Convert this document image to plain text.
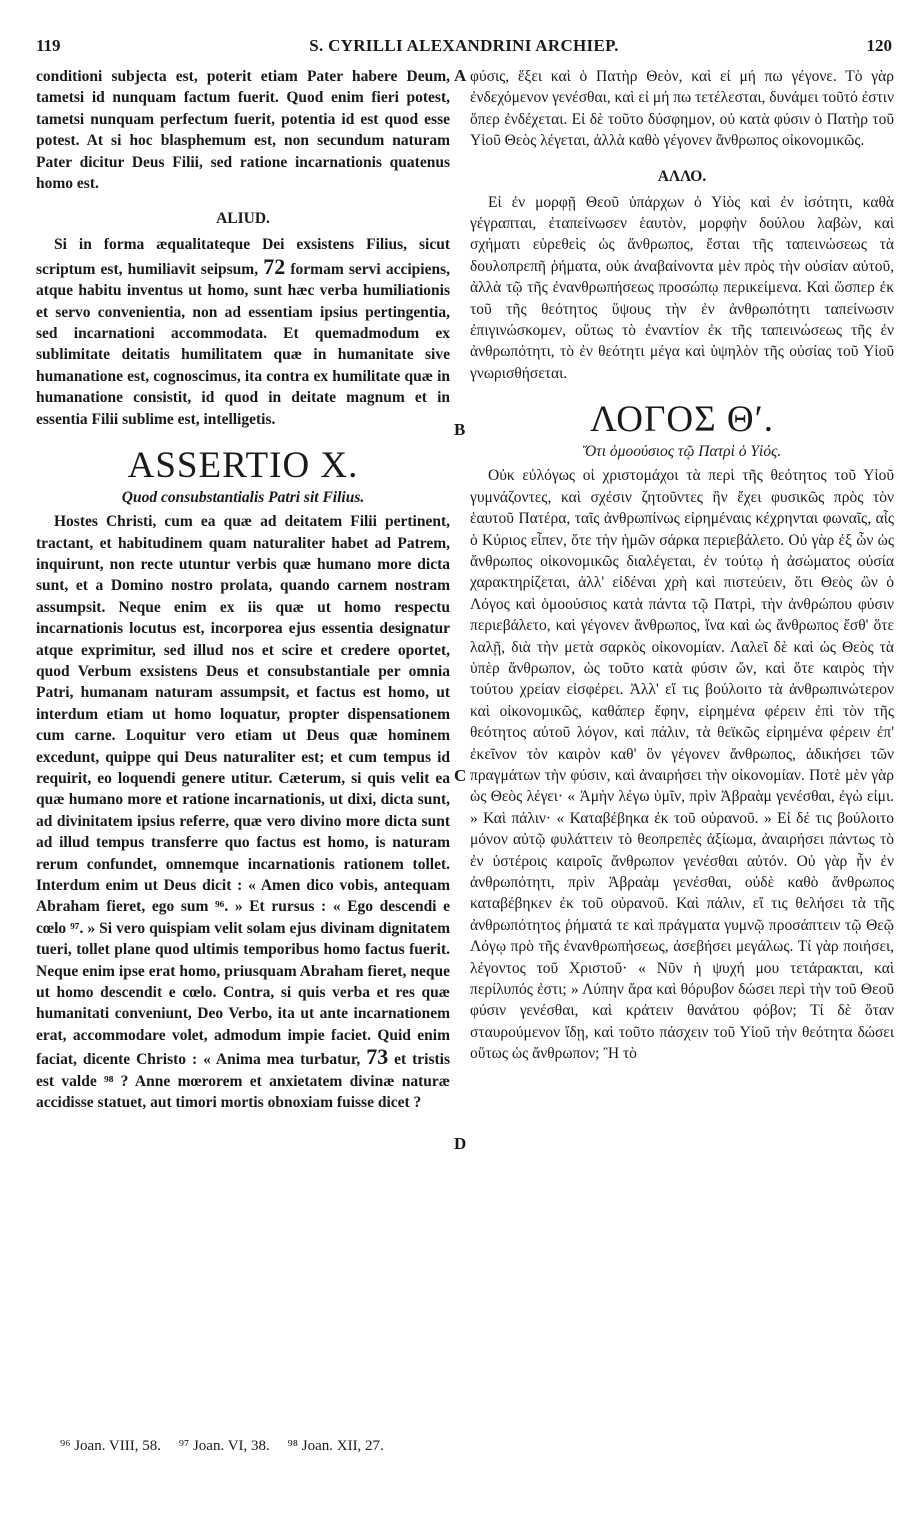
119	S. CYRILLI ALEXANDRINI ARCHIEP.	120
A
B
C
D

conditioni subjecta est, poterit etiam Pater habere Deum, tametsi id nunquam factum fuerit. Quod enim fieri potest, tametsi nunquam perfectum fuerit, potentia id est quod esse potest. At si hoc blasphemum est, non secundum naturam Pater dicitur Deus Filii, sed ratione incarnationis quatenus homo est.

ALIUD.

Si in forma æqualitateque Dei exsistens Filius, sicut scriptum est, humiliavit seipsum, 72 formam servi accipiens, atque habitu inventus ut homo, sunt hæc verba humiliationis et servo convenientia, non ad essentiam ipsius pertingentia, sed incarnationi accommodata. Et quemadmodum ex sublimitate deitatis humilitatem quæ in humanitate sive humanatione est, cognoscimus, ita contra ex humilitate quæ in humanatione consistit, id quod in deitate magnum et in essentia Filii sublime est, intelligetis.

ASSERTIO X.
Quod consubstantialis Patri sit Filius.

Hostes Christi, cum ea quæ ad deitatem Filii pertinent, tractant, et habitudinem quam naturaliter habet ad Patrem, inquirunt, non recte utuntur verbis quæ humano more dicta sunt, et a Domino nostro prolata, quando carnem nostram assumpsit. Neque enim ex iis quæ ut homo respectu incarnationis locutus est, incorporea ejus essentia designatur atque exprimitur, sed illud nos et scire et credere oportet, quod Verbum exsistens Deus et consubstantiale per omnia Patri, humanam naturam assumpsit, et factus est homo, ut interdum etiam ut homo loquatur, propter dispensationem cum carne. Loquitur vero etiam ut Deus quæ hominem excedunt, quippe qui Deus naturaliter est; et cum tempus id requirit, eo loquendi genere utitur. Cæterum, si quis velit ea quæ humano more et ratione incarnationis, ut dixi, dicta sunt, ad divinitatem ipsius referre, quæ vero divino more dicta sunt ad illud tempus transferre quo factus est homo, is naturam rerum confundet, omnemque incarnationis rationem tollet. Interdum enim ut Deus dicit : « Amen dico vobis, antequam Abraham fieret, ego sum ⁹⁶. » Et rursus : « Ego descendi e cœlo ⁹⁷. » Si vero quispiam velit solam ejus divinam dignitatem tueri, tollet plane quod ultimis temporibus homo factus fuerit. Neque enim ipse erat homo, priusquam Abraham fieret, neque ut homo descendit e cœlo. Contra, si quis verba et res quæ humanitati conveniunt, Deo Verbo, ita ut ante incarnationem erat, accommodare volet, admodum impie faciet. Quid enim faciat, dicente Christo : « Anima mea turbatur, 73 et tristis est valde ⁹⁸ ? Anne mœrorem et anxietatem divinæ naturæ accidisse statuet, aut timori mortis obnoxiam fuisse dicet ?

φύσις, ἕξει καὶ ὁ Πατὴρ Θεὸν, καὶ εἰ μή πω γέγονε. Τὸ γὰρ ἐνδεχόμενον γενέσθαι, καὶ εἰ μή πω τετέλεσται, δυνάμει τοῦτό ἐστιν ὅπερ ἐνδέχεται. Εἰ δὲ τοῦτο δύσφημον, οὐ κατὰ φύσιν ὁ Πατὴρ τοῦ Υἱοῦ Θεὸς λέγεται, ἀλλὰ καθὸ γέγονεν ἄνθρωπος οἰκονομικῶς.

ΑΛΛΟ.

Εἰ ἐν μορφῇ Θεοῦ ὑπάρχων ὁ Υἱὸς καὶ ἐν ἰσότητι, καθὰ γέγραπται, ἐταπείνωσεν ἑαυτὸν, μορφὴν δούλου λαβὼν, καὶ σχήματι εὑρεθεὶς ὡς ἄνθρωπος, ἔσται τῆς ταπεινώσεως τὰ δουλοπρεπῆ ῥήματα, οὐκ ἀναβαίνοντα μὲν πρὸς τὴν οὐσίαν αὐτοῦ, ἀλλὰ τῷ τῆς ἐνανθρωπήσεως προσώπῳ περικείμενα. Καὶ ὥσπερ ἐκ τοῦ τῆς θεότητος ὕψους τὴν ἐν ἀνθρωπότητι ταπείνωσιν ἐπιγινώσκομεν, οὕτως τὸ ἐναντίον ἐκ τῆς ταπεινώσεως τῆς ἐν ἀνθρωπότητι, τὸ ἐν θεότητι μέγα καὶ ὑψηλὸν τῆς οὐσίας τοῦ Υἱοῦ γνωρισθήσεται.

ΛΟΓΟΣ Θ′.
Ὅτι ὁμοούσιος τῷ Πατρὶ ὁ Υἱός.

Οὐκ εὐλόγως οἱ χριστομάχοι τὰ περὶ τῆς θεότητος τοῦ Υἱοῦ γυμνάζοντες, καὶ σχέσιν ζητοῦντες ἣν ἔχει φυσικῶς πρὸς τὸν ἑαυτοῦ Πατέρα, ταῖς ἀνθρωπίνως εἰρημέναις κέχρηνται φωναῖς, αἷς ὁ Κύριος εἶπεν, ὅτε τὴν ἡμῶν σάρκα περιεβάλετο. Οὐ γὰρ ἐξ ὧν ὡς ἄνθρωπος οἰκονομικῶς διαλέγεται, ἐν τούτῳ ἡ ἀσώματος οὐσία χαρακτηρίζεται, ἀλλ' εἰδέναι χρὴ καὶ πιστεύειν, ὅτι Θεὸς ὢν ὁ Λόγος καὶ ὁμοούσιος κατὰ πάντα τῷ Πατρὶ, τὴν ἀνθρώπου φύσιν περιεβάλετο, καὶ γέγονεν ἄνθρωπος, ἵνα καὶ ὡς ἄνθρωπος ἔσθ' ὅτε λαλῇ, διὰ τὴν μετὰ σαρκὸς οἰκονομίαν. Λαλεῖ δὲ καὶ ὡς Θεὸς τὰ ὑπὲρ ἄνθρωπον, ὡς τοῦτο κατὰ φύσιν ὤν, καὶ ὅτε καιρὸς τὴν τούτου χρείαν εἰσφέρει. Ἀλλ' εἴ τις βούλοιτο τὰ ἀνθρωπινώτερον καὶ οἰκονομικῶς, καθάπερ ἔφην, εἰρημένα φέρειν ἐπὶ τὸν τῆς θεότητος αὐτοῦ λόγον, καὶ πάλιν, τὰ θεϊκῶς εἰρημένα φέρειν ἐπ' ἐκεῖνον τὸν καιρὸν καθ' ὃν γέγονεν ἄνθρωπος, ἀδικήσει τῶν πραγμάτων τὴν φύσιν, καὶ ἀναιρήσει τὴν οἰκονομίαν. Ποτὲ μὲν γὰρ ὡς Θεὸς λέγει· « Ἀμὴν λέγω ὑμῖν, πρὶν Ἀβραὰμ γενέσθαι, ἐγὼ εἰμι. » Καὶ πάλιν· « Καταβέβηκα ἐκ τοῦ οὐρανοῦ. » Εἰ δέ τις βούλοιτο μόνον αὐτῷ φυλάττειν τὸ θεοπρεπὲς ἀξίωμα, ἀναιρήσει πάντως τὸ ἐν ὑστέροις καιροῖς ἄνθρωπον γενέσθαι αὐτόν. Οὐ γὰρ ἦν ἐν ἀνθρωπότητι, πρὶν Ἀβραὰμ γενέσθαι, οὐδὲ καθὸ ἄνθρωπος καταβέβηκεν ἐκ τοῦ οὐρανοῦ. Καὶ πάλιν, εἴ τις θελήσει τὰ τῆς ἀνθρωπότητος ῥήματά τε καὶ πράγματα γυμνῷ προσάπτειν τῷ Θεῷ Λόγῳ πρὸ τῆς ἐνανθρωπήσεως, ἀσεβήσει μεγάλως. Τί γὰρ ποιήσει, λέγοντος τοῦ Χριστοῦ· « Νῦν ἡ ψυχή μου τετάρακται, καὶ περίλυπός ἐστι; » Λύπην ἄρα καὶ θόρυβον δώσει περὶ τὴν τοῦ Θεοῦ φύσιν γενέσθαι, καὶ κράτειν θανάτου φόβον; Τί δὲ ὅταν σταυρούμενον ἴδῃ, καὶ τοῦτο πάσχειν τοῦ Υἱοῦ τὴν θεότητα δώσει οὕτως ὡς ἄνθρωπον; Ἢ τὸ

⁹⁶ Joan. VIII, 58. ⁹⁷ Joan. VI, 38. ⁹⁸ Joan. XII, 27.
